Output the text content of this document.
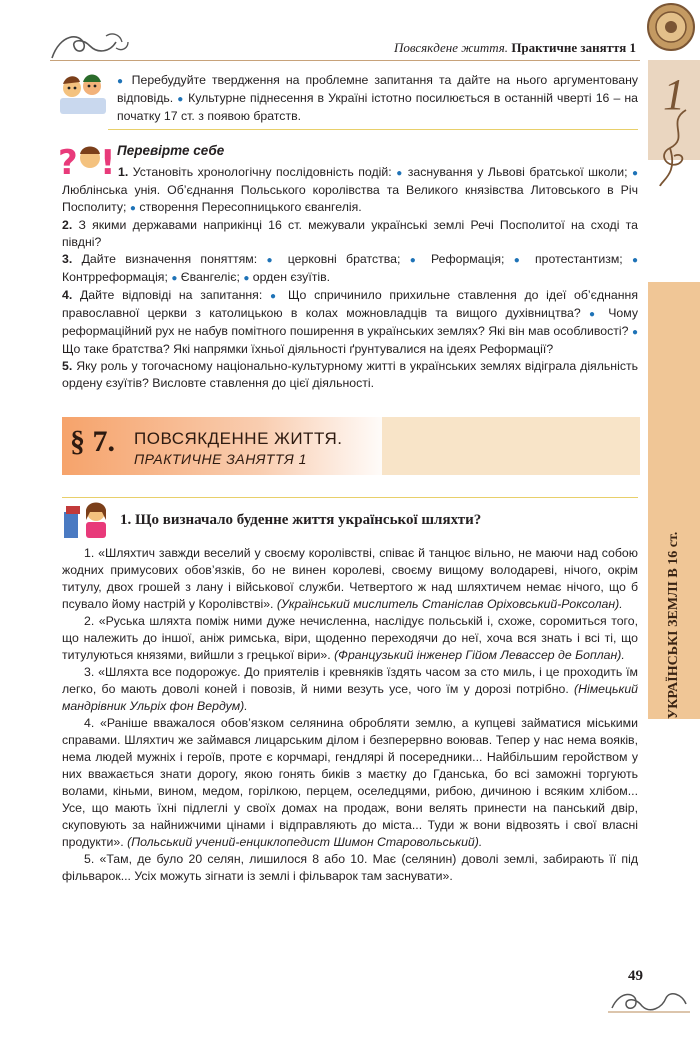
Повсякдене життя. Практичне заняття 1
1
УКРАЇНСЬКІ ЗЕМЛІ В 16 ст.

● Перебудуйте твердження на проблемне запитання та дайте на нього аргументовану відповідь. ● Культурне піднесення в Україні істотно посилюється в останній чверті 16 – на початку 17 ст. з появою братств.

? ! Перевірте себе

1. Установіть хронологічну послідовність подій: ● заснування у Львові братської школи; ● Люблінська унія. Об’єднання Польського королівства та Великого князівства Литовського в Річ Посполиту; ● створення Пересопницького євангелія.

2. З якими державами наприкінці 16 ст. межували українські землі Речі Посполитої на сході та півдні?

3. Дайте визначення поняттям: ● церковні братства; ● Реформація; ● протестантизм; ● Контрреформація; ● Євангеліє; ● орден єзуїтів.

4. Дайте відповіді на запитання: ● Що спричинило прихильне ставлення до ідеї об’єднання православної церкви з католицькою в колах можновладців та вищого духівництва? ● Чому реформаційний рух не набув помітного поширення в українських землях? Які він мав особливості? ● Що таке братства? Які напрямки їхньої діяльності ґрунтувалися на ідеях Реформації?

5. Яку роль у тогочасному національно-культурному житті в українських землях відіграла діяльність ордену єзуїтів? Висловте ставлення до цієї діяльності.

§ 7. ПОВСЯКДЕННЕ ЖИТТЯ.
ПРАКТИЧНЕ ЗАНЯТТЯ 1
1. Що визначало буденне життя української шляхти?

1. «Шляхтич завжди веселий у своєму королівстві, співає й танцює вільно, не маючи над собою жодних примусових обов’язків, бо не винен королеві, своєму вищому володареві, нічого, окрім титулу, двох грошей з лану і військової служби. Четвертого ж над шляхтичем немає нічого, що б псувало йому настрій у Королівстві». (Український мислитель Станіслав Оріховський-Роксолан).

2. «Руська шляхта поміж ними дуже нечисленна, наслідує польській і, схоже, соромиться того, що належить до іншої, аніж римська, віри, щоденно переходячи до неї, хоча вся знать і всі ті, що титулуються князями, вийшли з грецької віри». (Французький інженер Гійом Левассер де Боплан).

3. «Шляхта все подорожує. До приятелів і кревняків їздять часом за сто миль, і це проходить їм легко, бо мають доволі коней і повозів, й ними везуть усе, чого їм у дорозі потрібно. (Німецький мандрівник Ульріх фон Вердум).

4. «Раніше вважалося обов’язком селянина обробляти землю, а купцеві займатися міськими справами. Шляхтич же займався лицарським ділом і безперервно воював. Тепер у нас нема вояків, нема людей мужніх і героїв, проте є корчмарі, гендлярі й посередники... Найбільшим геройством у них вважається знати дорогу, якою гонять биків з маєтку до Гданська, бо всі заможні торгують волами, кіньми, вином, медом, горілкою, перцем, оселедцями, рибою, дичиною і всяким хлібом... Усе, що мають їхні підлеглі у своїх домах на продаж, вони велять принести на панський двір, скуповують за найнижчими цінами і відправляють до міста... Туди ж вони відвозять і свої власні продукти». (Польський учений-енциклопедист Шимон Старовольський).

5. «Там, де було 20 селян, лишилося 8 або 10. Має (селянин) доволі землі, забирають її під фільварок... Усіх можуть зігнати із землі і фільварок там заснувати».

49
